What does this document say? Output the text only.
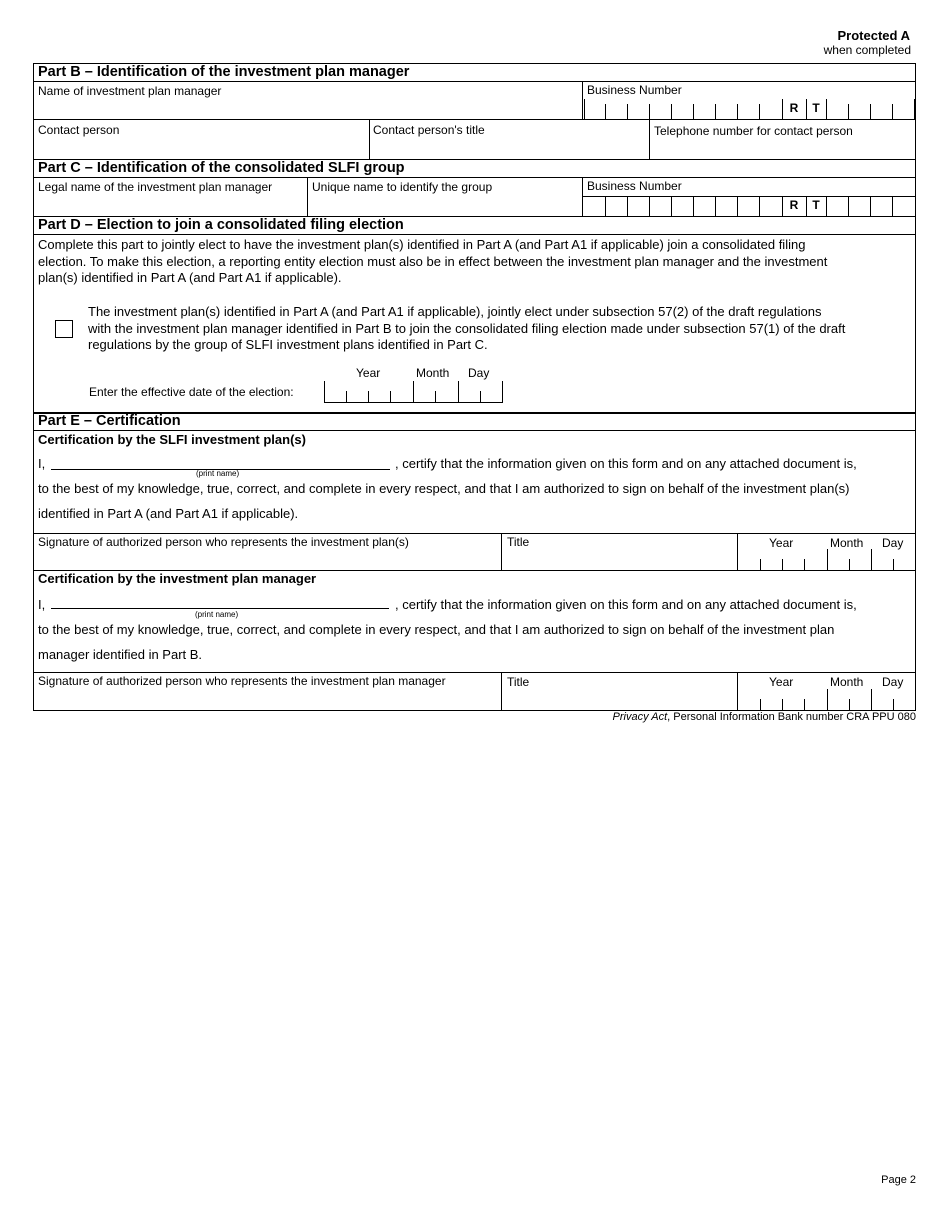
Protected A
when completed
Part B – Identification of the investment plan manager
Name of investment plan manager	Business Number
R	T
Contact person	Contact person's title	Telephone number for contact person
Part C – Identification of the consolidated SLFI group
Legal name of the investment plan manager	Unique name to identify the group	Business Number
R	T
Part D – Election to join a consolidated filing election
Complete this part to jointly elect to have the investment plan(s) identified in Part A (and Part A1 if applicable) join a consolidated filing
election. To make this election, a reporting entity election must also be in effect between the investment plan manager and the investment
plan(s) identified in Part A (and Part A1 if applicable).
The investment plan(s) identified in Part A (and Part A1 if applicable), jointly elect under subsection 57(2) of the draft regulations
with the investment plan manager identified in Part B to join the consolidated filing election made under subsection 57(1) of the draft
regulations by the group of SLFI investment plans identified in Part C.
Enter the effective date of the election:
Year	Month Day
Part E – Certification
Certification by the SLFI investment plan(s)
I,
(print name)
, certify that the information given on this form and on any attached document is,
to the best of my knowledge, true, correct, and complete in every respect, and that I am authorized to sign on behalf of the investment plan(s)
identified in Part A (and Part A1 if applicable).
Signature of authorized person who represents the investment plan(s)	Title	Year	Month Day
Certification by the investment plan manager
I,
(print name)
, certify that the information given on this form and on any attached document is,
to the best of my knowledge, true, correct, and complete in every respect, and that I am authorized to sign on behalf of the investment plan
manager identified in Part B.
Signature of authorized person who represents the investment plan manager	Title	Year	Month Day
Privacy Act, Personal Information Bank number CRA PPU 080
Page 2
